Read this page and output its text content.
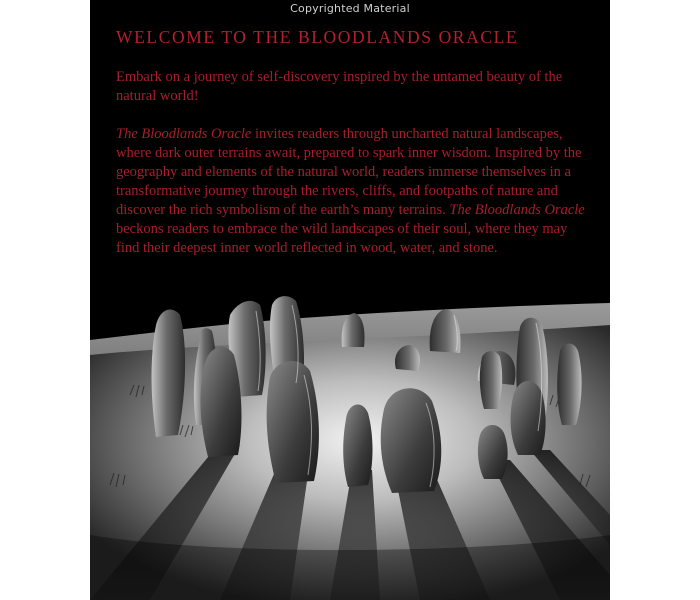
Copyrighted Material
WELCOME TO THE BLOODLANDS ORACLE

Embark on a journey of self-discovery inspired by the untamed beauty of the natural world!

The Bloodlands Oracle invites readers through uncharted natural landscapes, where dark outer terrains await, prepared to spark inner wisdom. Inspired by the geography and elements of the natural world, readers immerse themselves in a transformative journey through the rivers, cliffs, and footpaths of nature and discover the rich symbolism of the earth’s many terrains. The Bloodlands Oracle beckons readers to embrace the wild landscapes of their soul, where they may find their deepest inner world reflected in wood, water, and stone.
